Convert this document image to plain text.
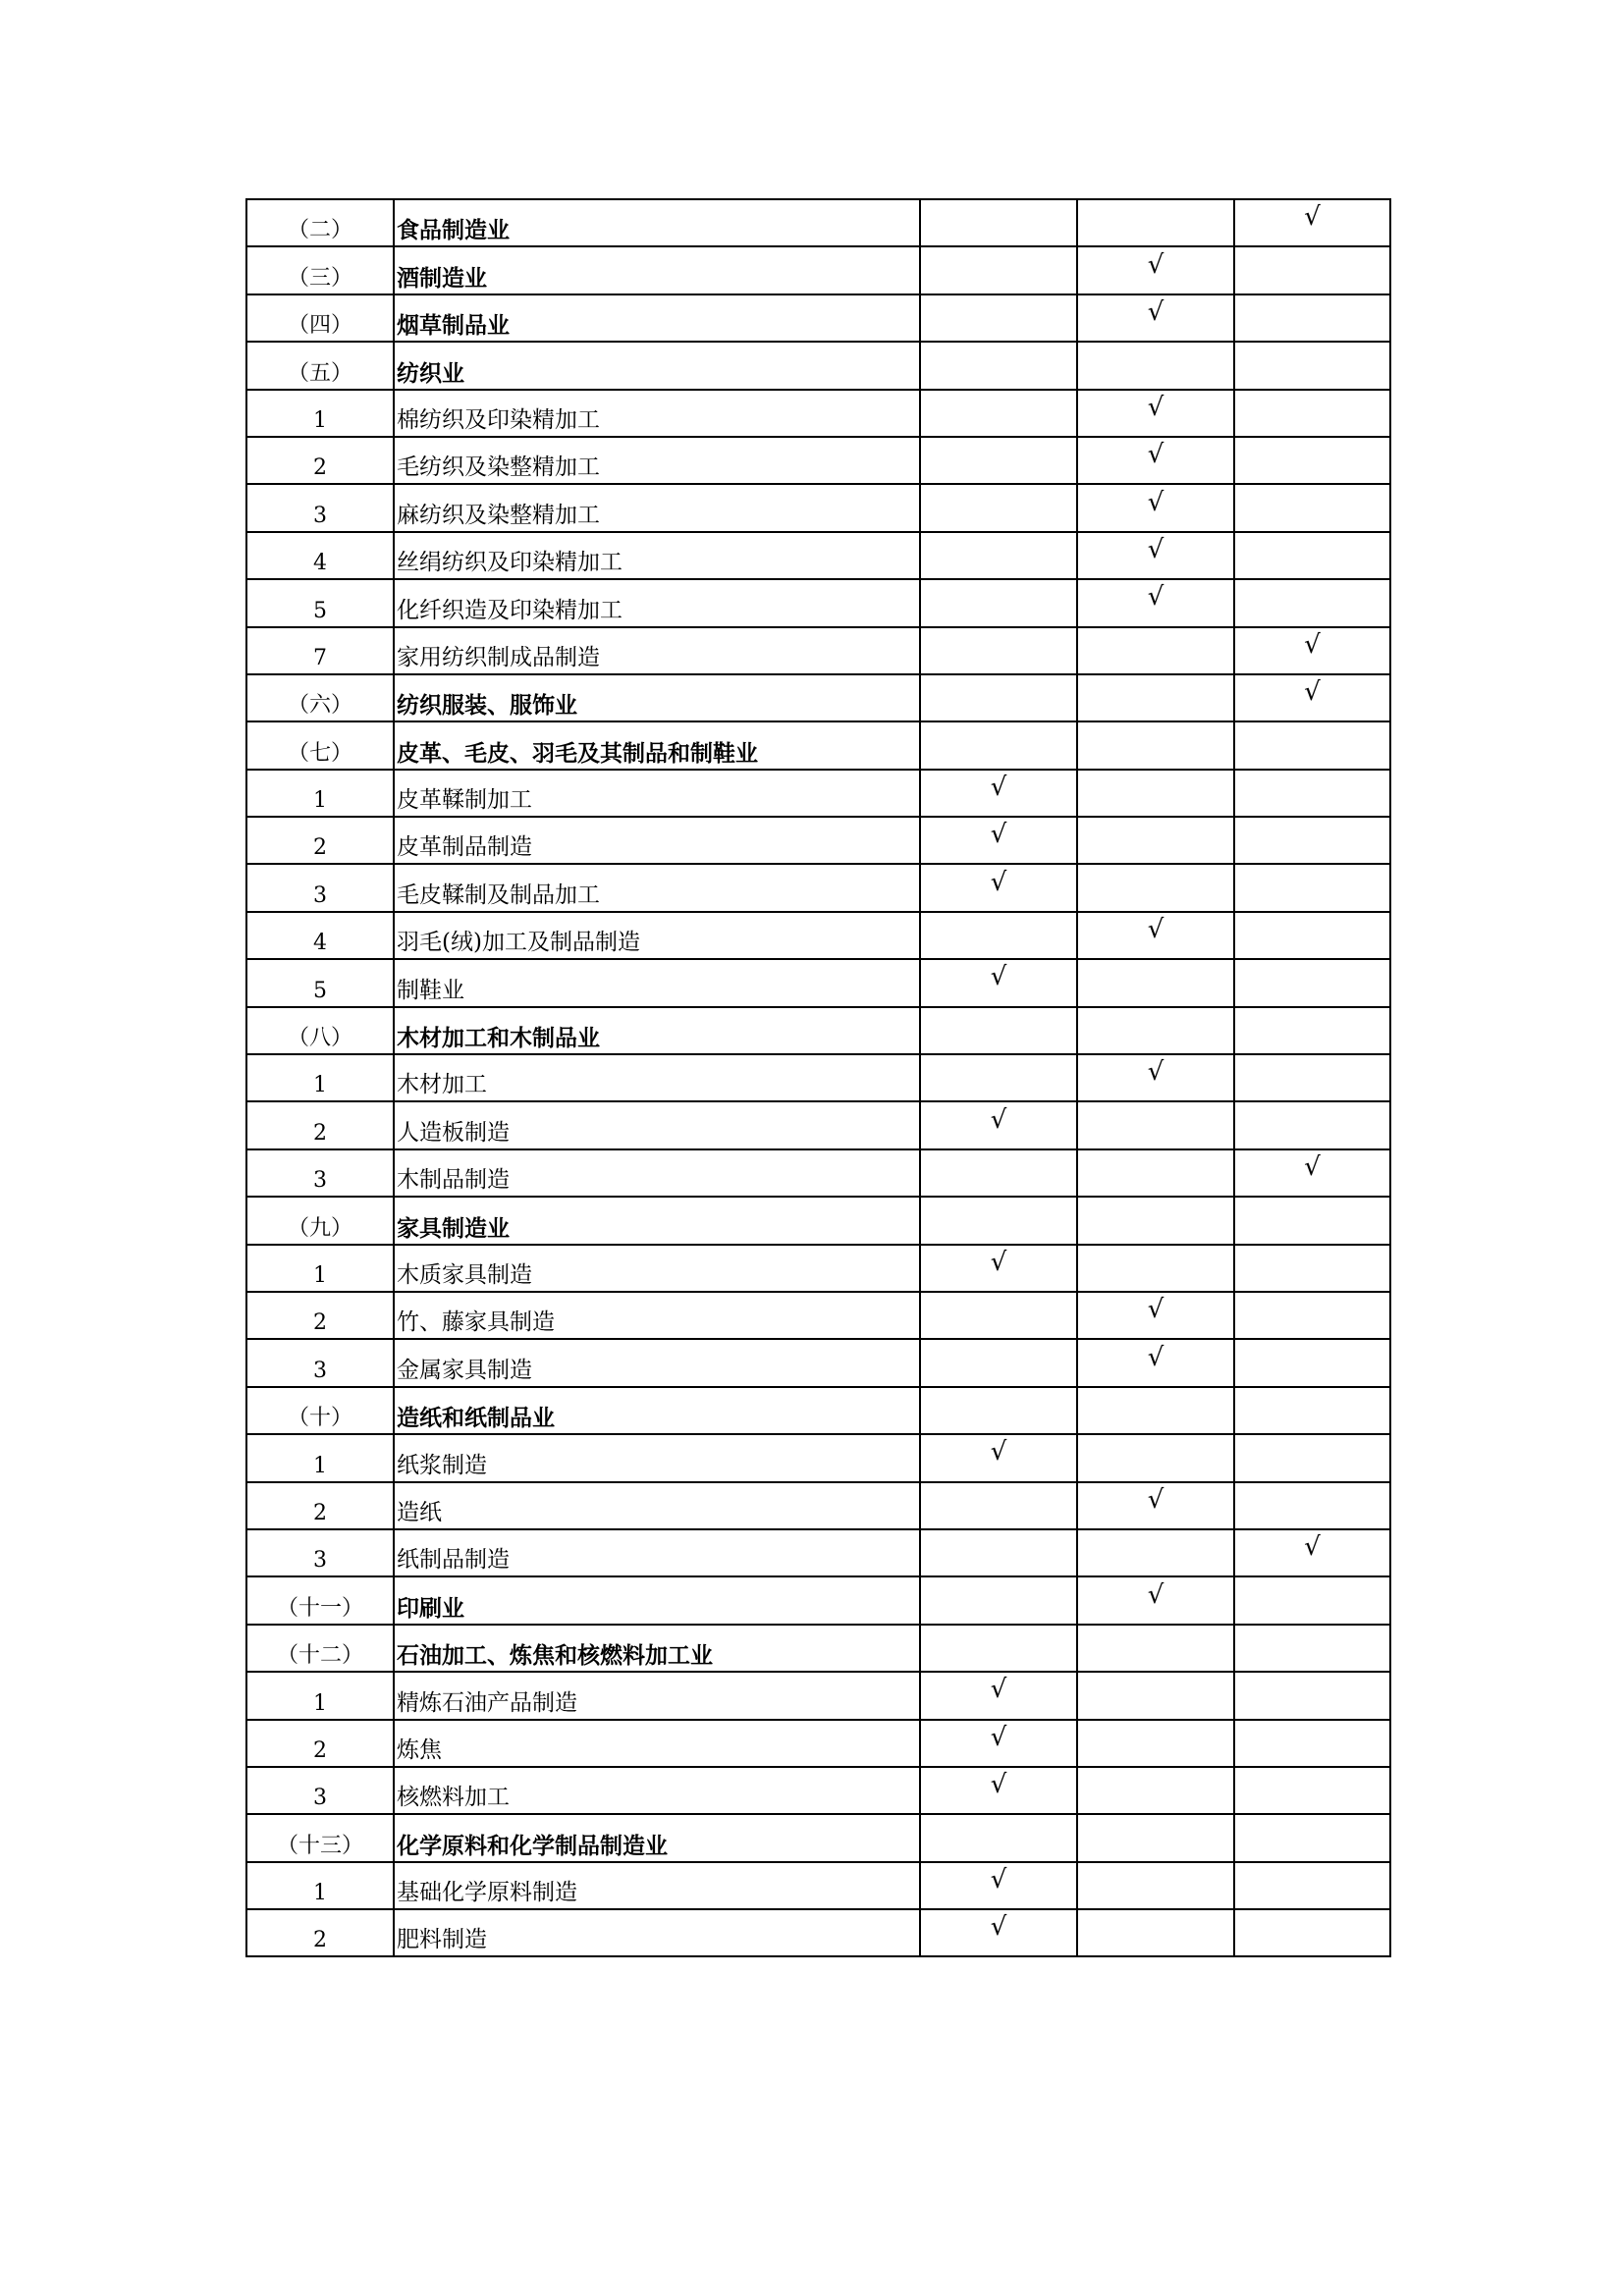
（二）	食品制造业			√
（三）	酒制造业		√	
（四）	烟草制品业		√	
（五）	纺织业			
1	棉纺织及印染精加工		√	
2	毛纺织及染整精加工		√	
3	麻纺织及染整精加工		√	
4	丝绢纺织及印染精加工		√	
5	化纤织造及印染精加工		√	
7	家用纺织制成品制造			√
（六）	纺织服装、服饰业			√
（七）	皮革、毛皮、羽毛及其制品和制鞋业			
1	皮革鞣制加工	√		
2	皮革制品制造	√		
3	毛皮鞣制及制品加工	√		
4	羽毛(绒)加工及制品制造		√	
5	制鞋业	√		
（八）	木材加工和木制品业			
1	木材加工		√	
2	人造板制造	√		
3	木制品制造			√
（九）	家具制造业			
1	木质家具制造	√		
2	竹、藤家具制造		√	
3	金属家具制造		√	
（十）	造纸和纸制品业			
1	纸浆制造	√		
2	造纸		√	
3	纸制品制造			√
（十一）	印刷业		√	
（十二）	石油加工、炼焦和核燃料加工业			
1	精炼石油产品制造	√		
2	炼焦	√		
3	核燃料加工	√		
（十三）	化学原料和化学制品制造业			
1	基础化学原料制造	√		
2	肥料制造	√		
